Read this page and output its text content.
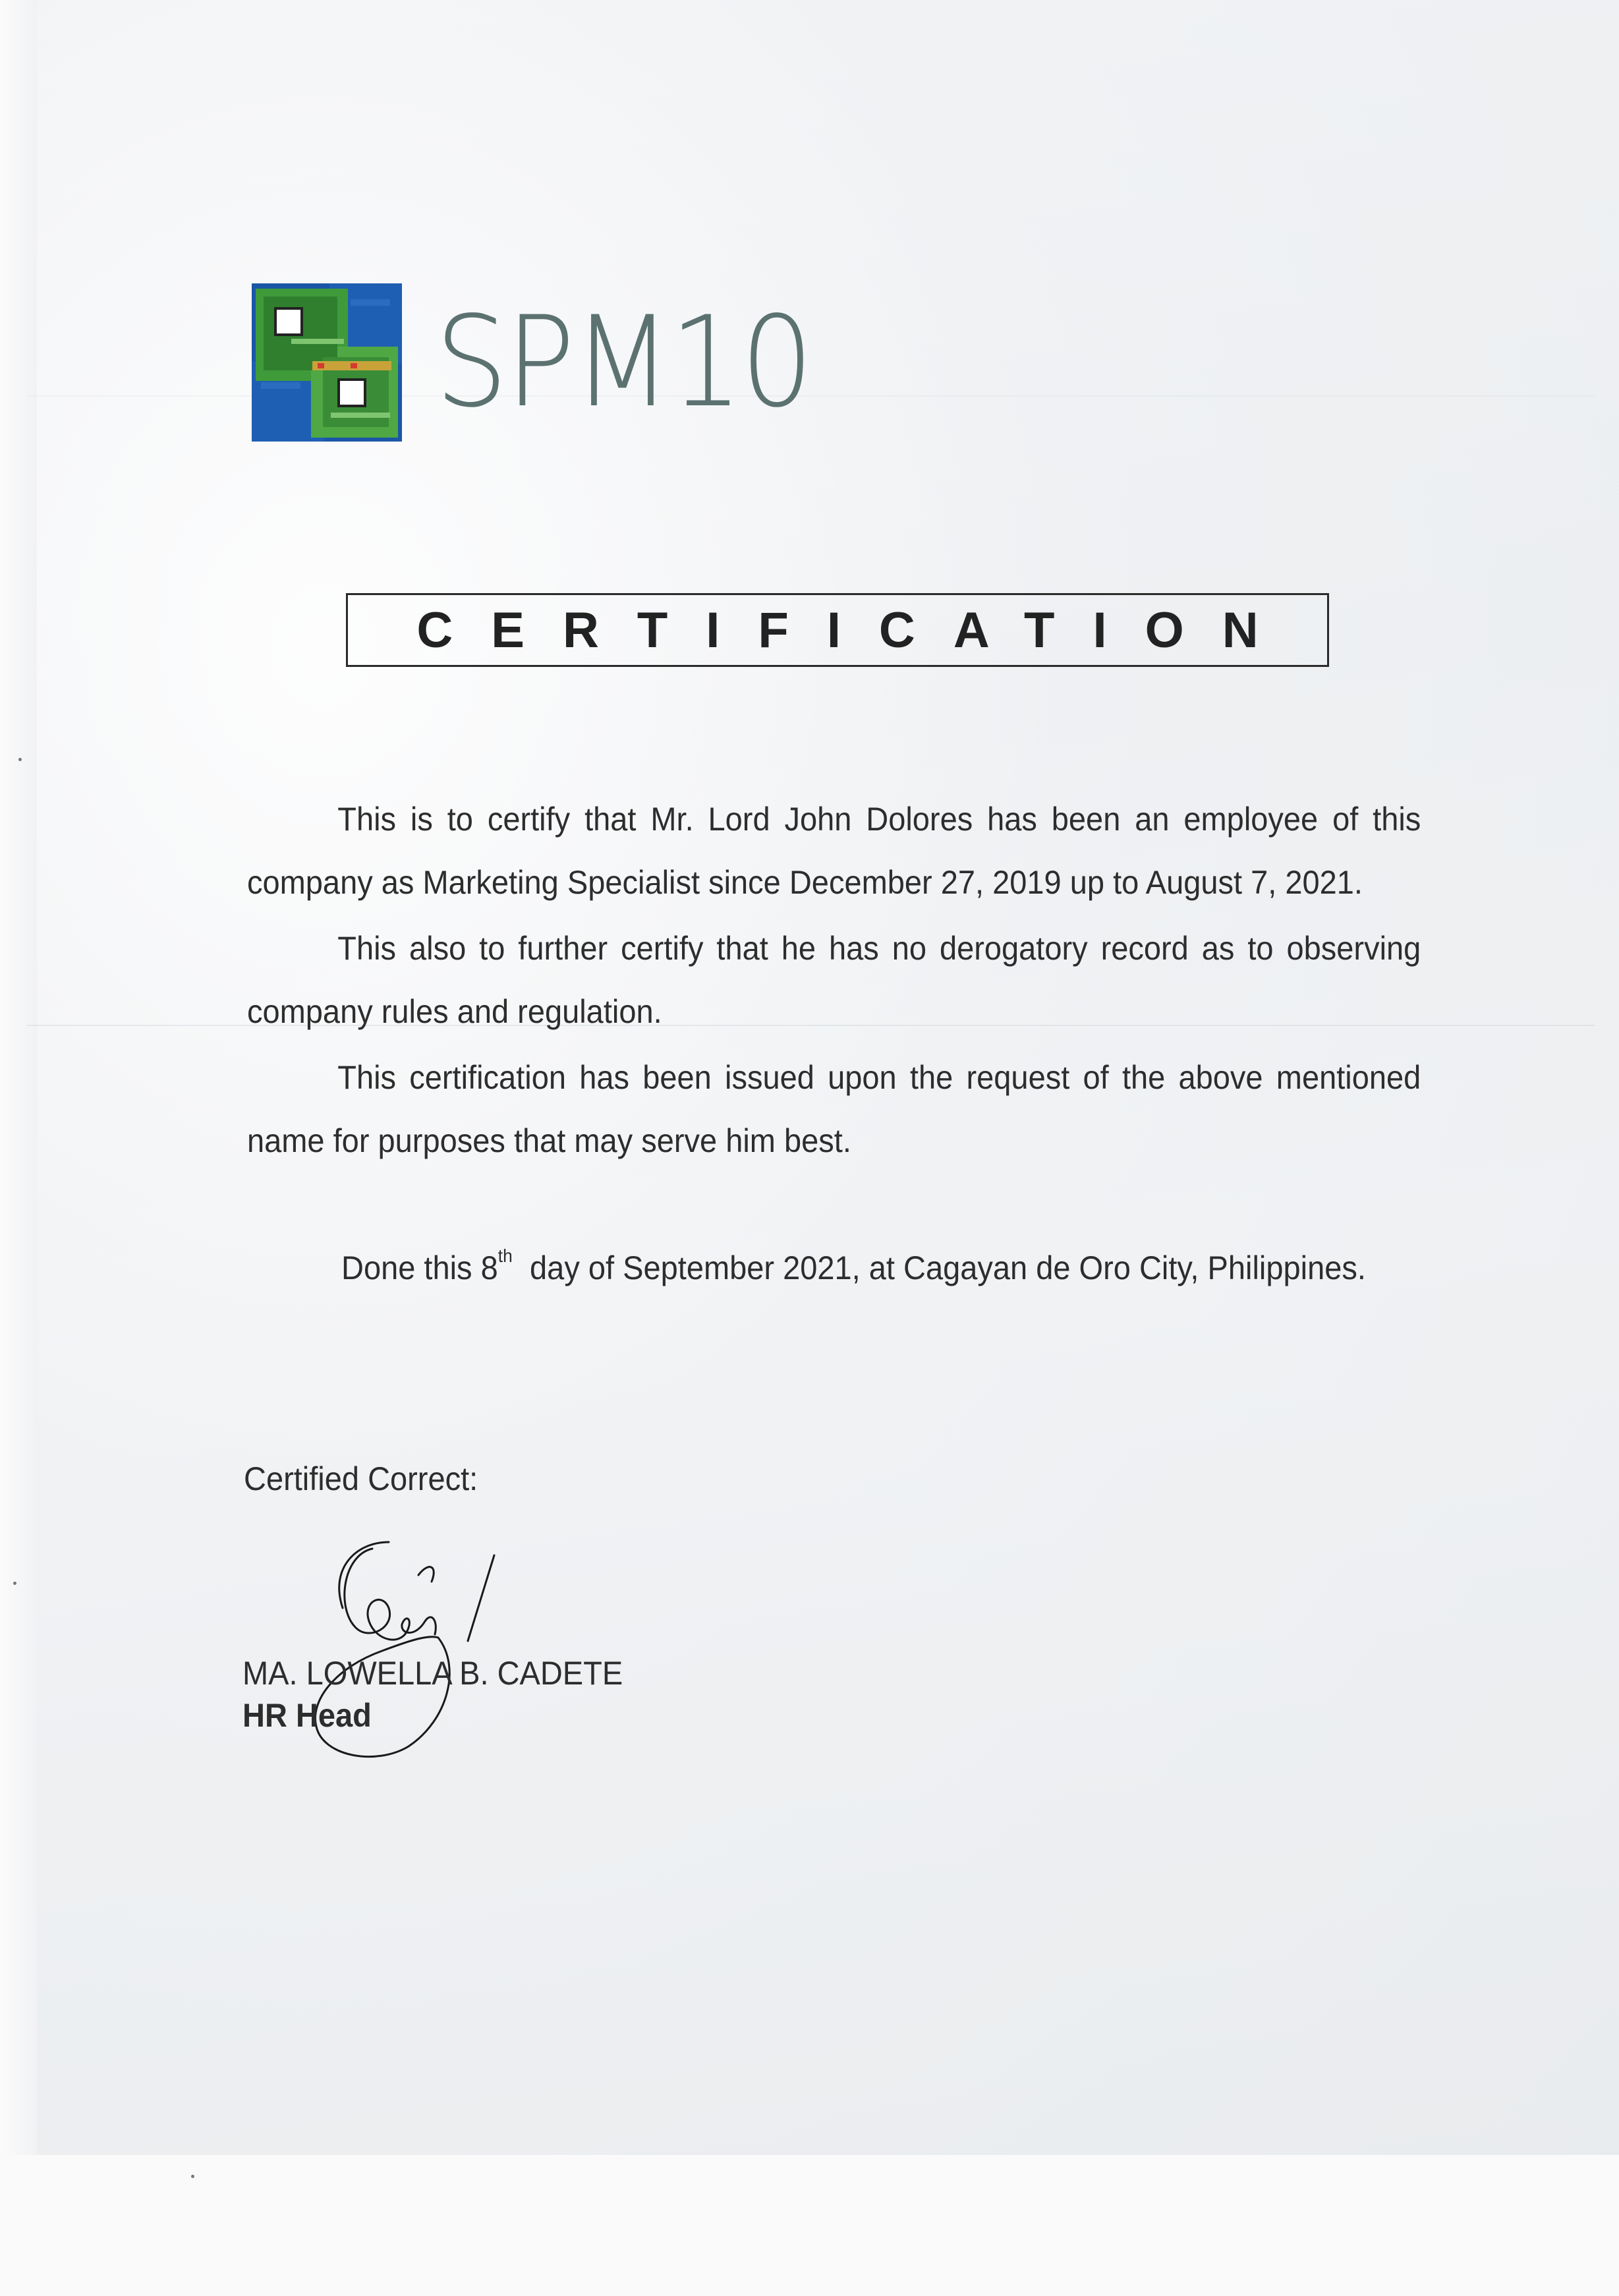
SPM10
CERTIFICATION

This is to certify that Mr. Lord John Dolores has been an employee of this company as Marketing Specialist since December 27, 2019 up to August 7, 2021.

This also to further certify that he has no derogatory record as to observing company rules and regulation.

This certification has been issued upon the request of the above mentioned name for purposes that may serve him best.

Done this 8th day of September 2021, at Cagayan de Oro City, Philippines.
Certified Correct:
MA. LOWELLA B. CADETE
HR Head
